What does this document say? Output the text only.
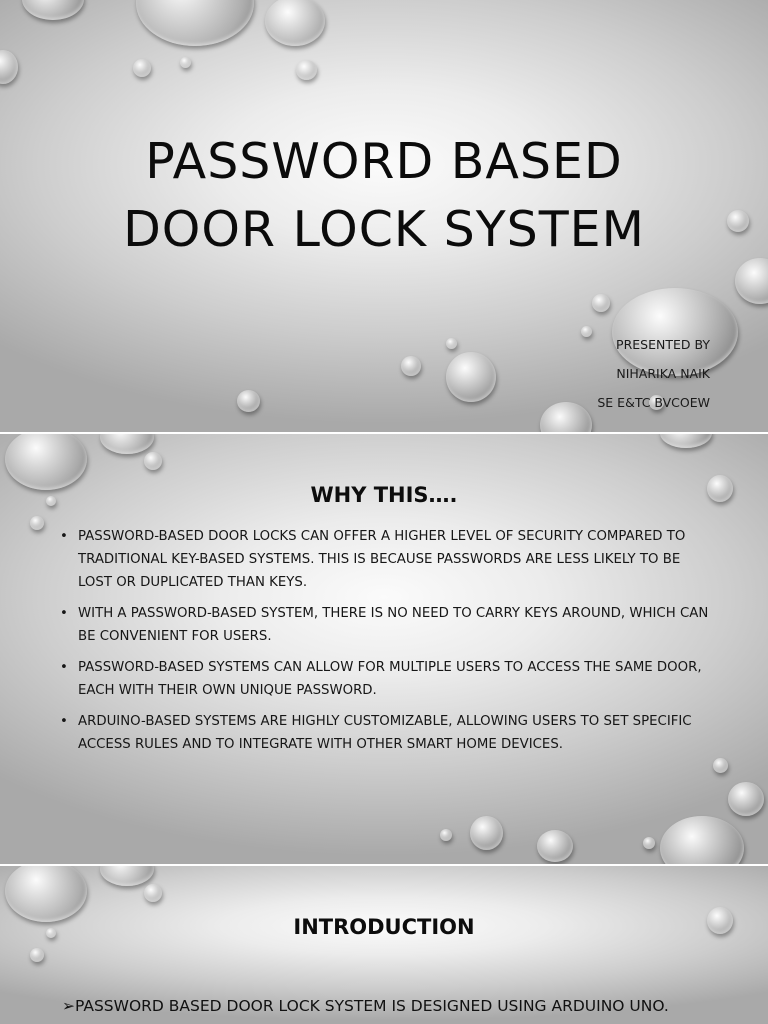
PASSWORD BASED
DOOR LOCK SYSTEM
PRESENTED BY
NIHARIKA NAIK
SE E&TC BVCOEW
WHY THIS….
• PASSWORD-BASED DOOR LOCKS CAN OFFER A HIGHER LEVEL OF SECURITY COMPARED TO TRADITIONAL KEY-BASED SYSTEMS. THIS IS BECAUSE PASSWORDS ARE LESS LIKELY TO BE LOST OR DUPLICATED THAN KEYS.
• WITH A PASSWORD-BASED SYSTEM, THERE IS NO NEED TO CARRY KEYS AROUND, WHICH CAN BE CONVENIENT FOR USERS.
• PASSWORD-BASED SYSTEMS CAN ALLOW FOR MULTIPLE USERS TO ACCESS THE SAME DOOR, EACH WITH THEIR OWN UNIQUE PASSWORD.
• ARDUINO-BASED SYSTEMS ARE HIGHLY CUSTOMIZABLE, ALLOWING USERS TO SET SPECIFIC ACCESS RULES AND TO INTEGRATE WITH OTHER SMART HOME DEVICES.
INTRODUCTION
➢PASSWORD BASED DOOR LOCK SYSTEM IS DESIGNED USING ARDUINO UNO.
